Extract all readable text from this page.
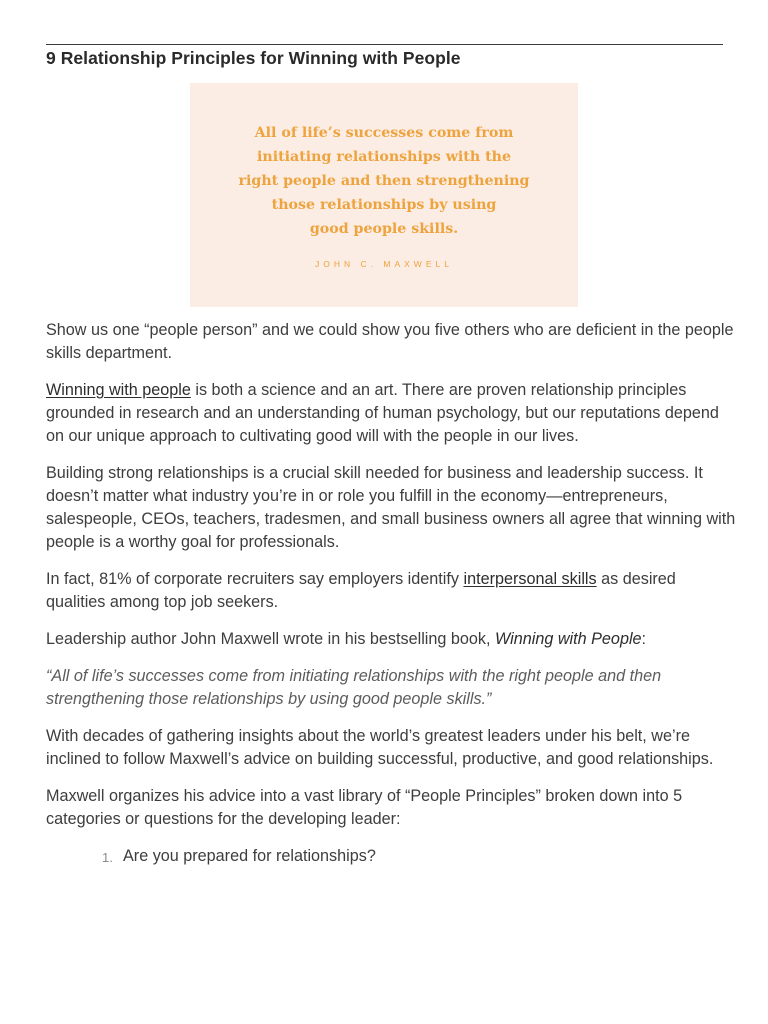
9 Relationship Principles for Winning with People
All of life’s successes come from
initiating relationships with the
right people and then strengthening
those relationships by using
good people skills.
JOHN C. MAXWELL

Show us one “people person” and we could show you five others who are deficient in the people skills department.

Winning with people is both a science and an art. There are proven relationship principles grounded in research and an understanding of human psychology, but our reputations depend on our unique approach to cultivating good will with the people in our lives.

Building strong relationships is a crucial skill needed for business and leadership success. It doesn’t matter what industry you’re in or role you fulfill in the economy—entrepreneurs, salespeople, CEOs, teachers, tradesmen, and small business owners all agree that winning with people is a worthy goal for professionals.

In fact, 81% of corporate recruiters say employers identify interpersonal skills as desired qualities among top job seekers.

Leadership author John Maxwell wrote in his bestselling book, Winning with People:

“All of life’s successes come from initiating relationships with the right people and then strengthening those relationships by using good people skills.”

With decades of gathering insights about the world’s greatest leaders under his belt, we’re inclined to follow Maxwell’s advice on building successful, productive, and good relationships.

Maxwell organizes his advice into a vast library of “People Principles” broken down into 5 categories or questions for the developing leader:

1. Are you prepared for relationships?
